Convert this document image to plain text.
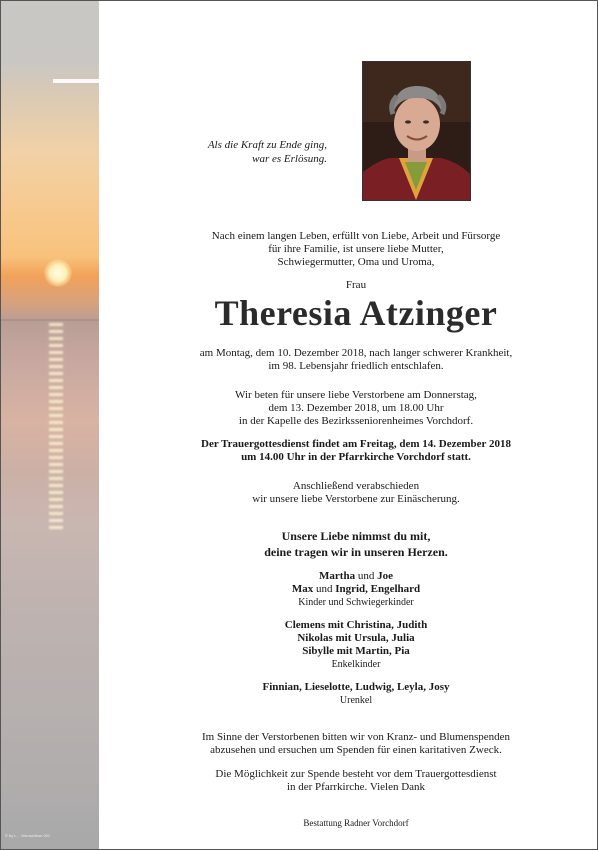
© by L. - Wunschbon 001

Als die Kraft zu Ende ging,

war es Erlösung.

Nach einem langen Leben, erfüllt von Liebe, Arbeit und Fürsorge

für ihre Familie, ist unsere liebe Mutter,

Schwiegermutter, Oma und Uroma,

Frau
Theresia Atzinger

am Montag, dem 10. Dezember 2018, nach langer schwerer Krankheit,

im 98. Lebensjahr friedlich entschlafen.

Wir beten für unsere liebe Verstorbene am Donnerstag,

dem 13. Dezember 2018, um 18.00 Uhr

in der Kapelle des Bezirksseniorenheimes Vorchdorf.

Der Trauergottesdienst findet am Freitag, dem 14. Dezember 2018

um 14.00 Uhr in der Pfarrkirche Vorchdorf statt.

Anschließend verabschieden

wir unsere liebe Verstorbene zur Einäscherung.

Unsere Liebe nimmst du mit,

deine tragen wir in unseren Herzen.

Martha und Joe

Max und Ingrid, Engelhard

Kinder und Schwiegerkinder

Clemens mit Christina, Judith

Nikolas mit Ursula, Julia

Sibylle mit Martin, Pia

Enkelkinder

Finnian, Lieselotte, Ludwig, Leyla, Josy

Urenkel

Im Sinne der Verstorbenen bitten wir von Kranz- und Blumenspenden

abzusehen und ersuchen um Spenden für einen karitativen Zweck.

Die Möglichkeit zur Spende besteht vor dem Trauergottesdienst

in der Pfarrkirche. Vielen Dank

Bestattung Radner Vorchdorf
